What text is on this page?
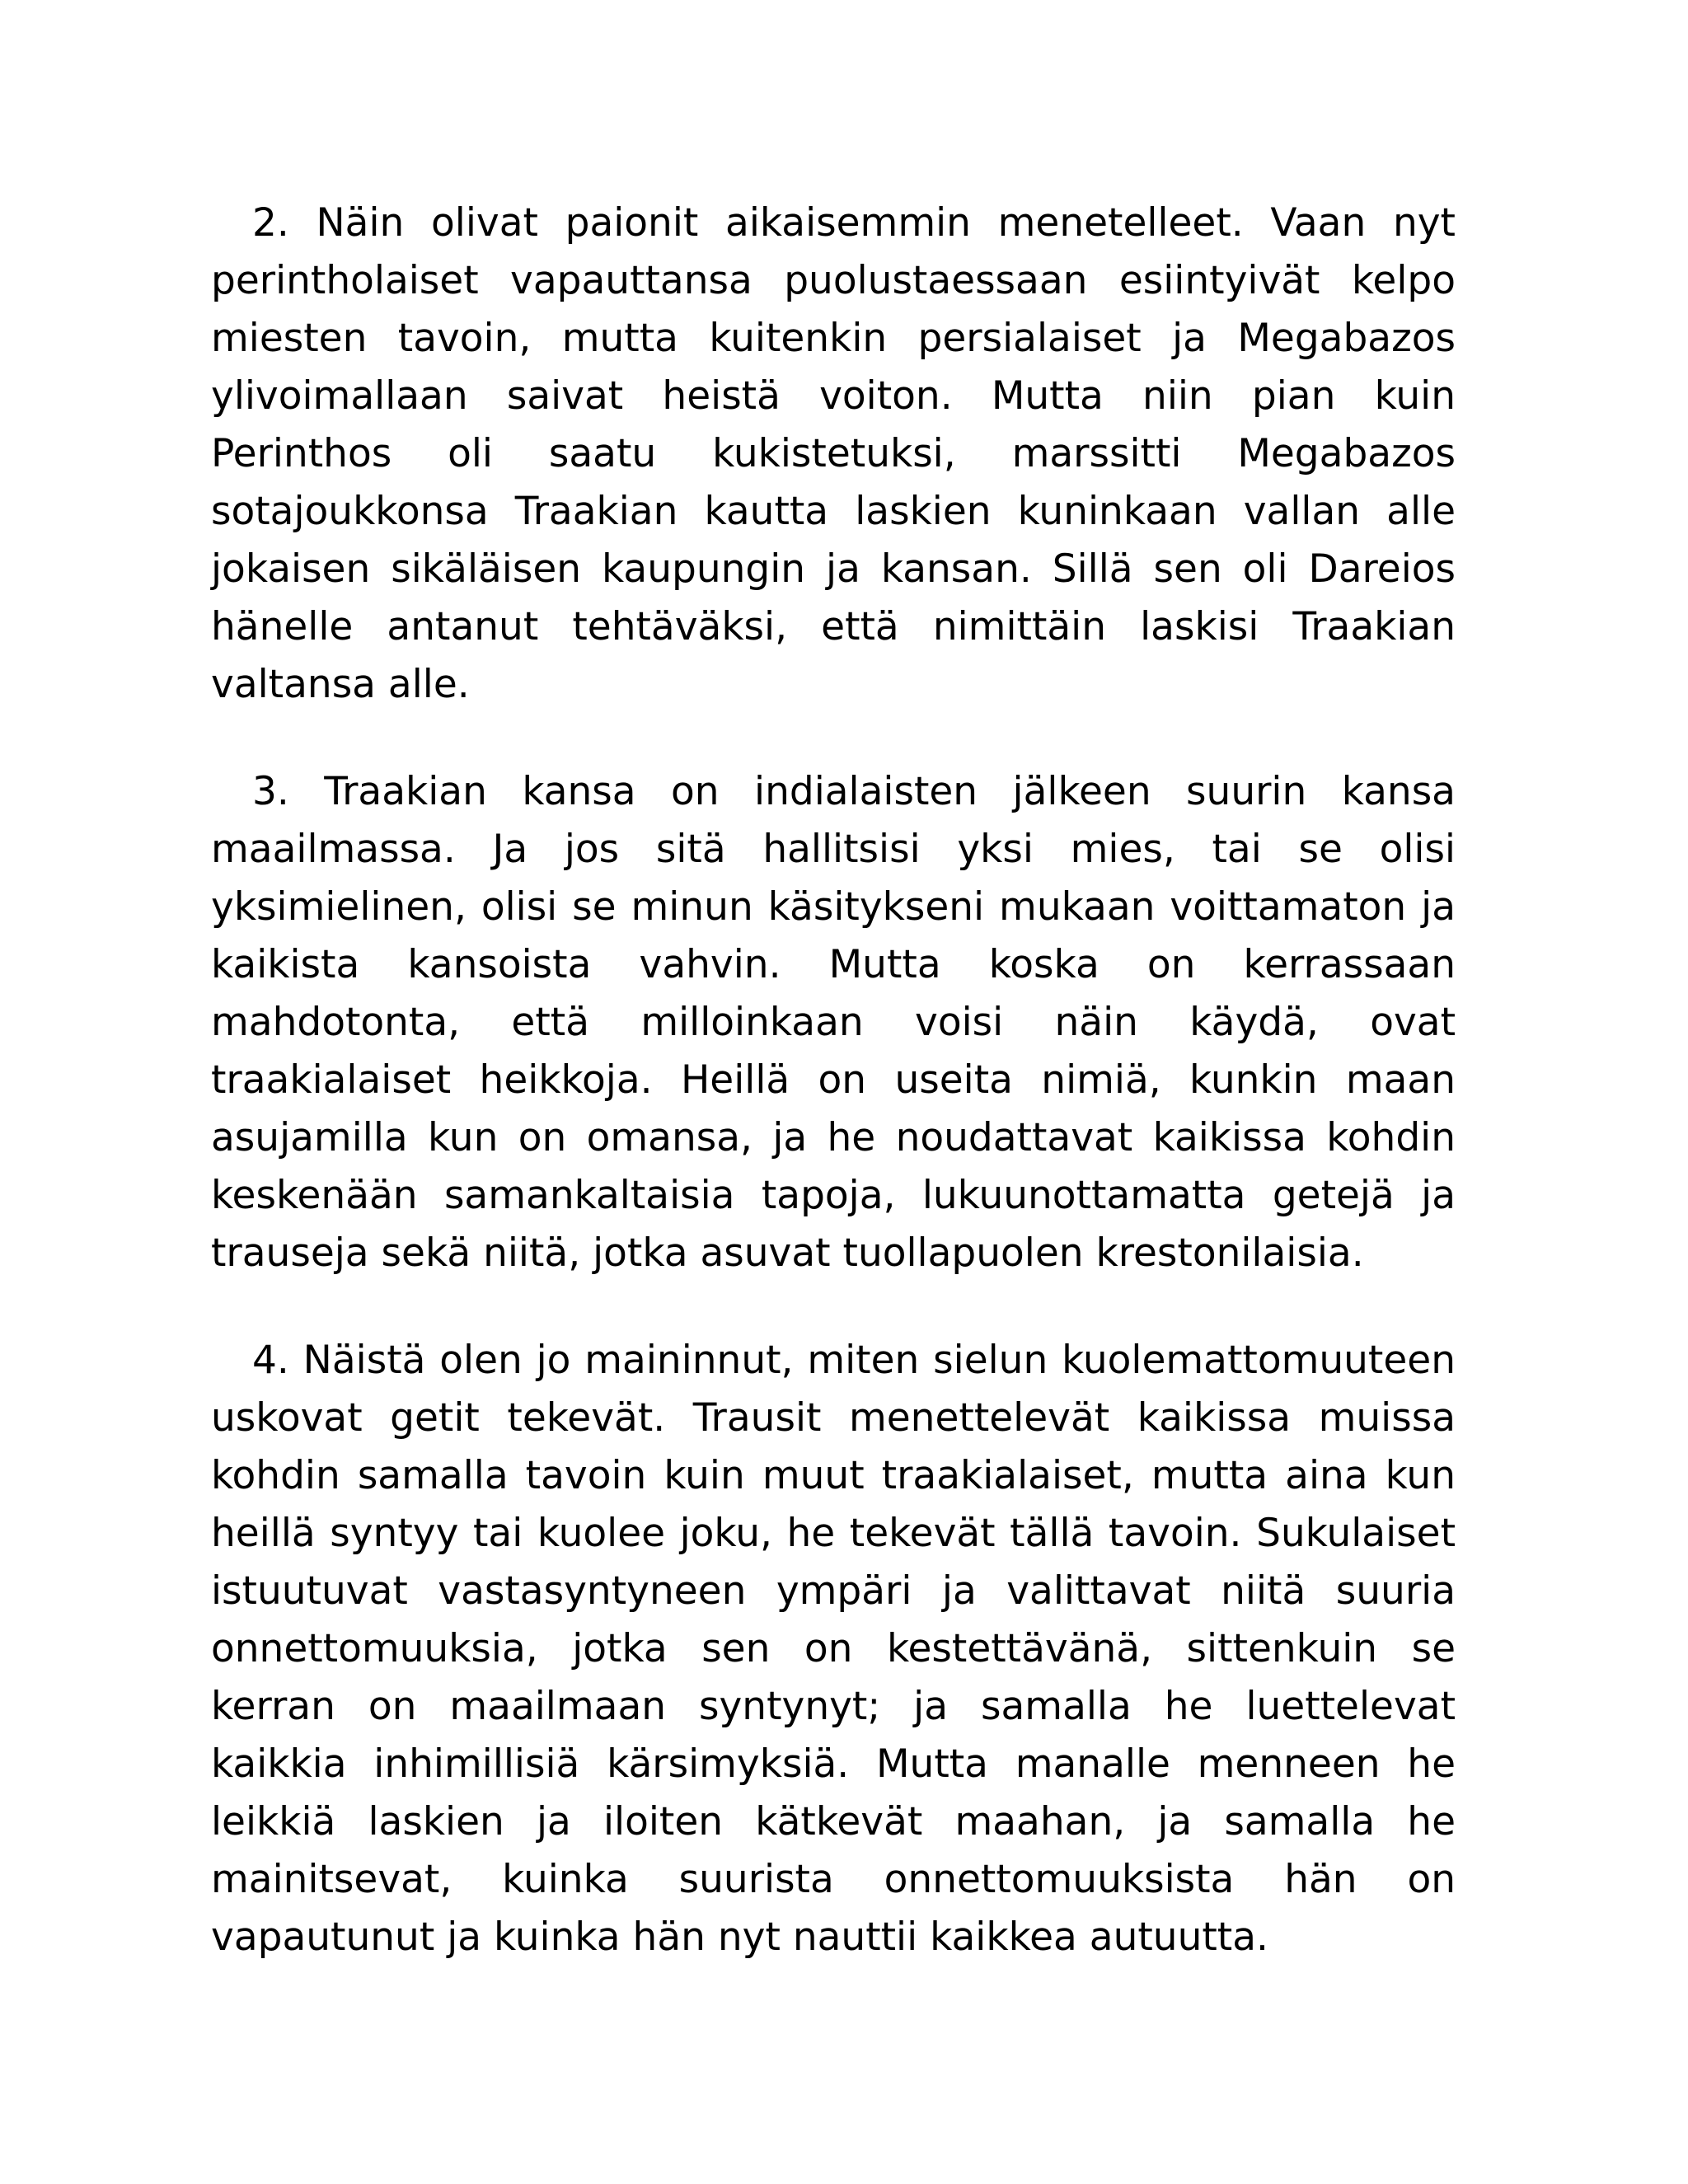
2. Näin olivat paionit aikaisemmin menetelleet. Vaan nyt perintholaiset vapauttansa puolustaessaan esiintyivät kelpo miesten tavoin, mutta kuitenkin persialaiset ja Megabazos ylivoimallaan saivat heistä voiton. Mutta niin pian kuin Perinthos oli saatu kukistetuksi, marssitti Megabazos sotajoukkonsa Traakian kautta laskien kuninkaan vallan alle jokaisen sikäläisen kaupungin ja kansan. Sillä sen oli Dareios hänelle antanut tehtäväksi, että nimittäin laskisi Traakian valtansa alle.

3. Traakian kansa on indialaisten jälkeen suurin kansa maailmassa. Ja jos sitä hallitsisi yksi mies, tai se olisi yksimielinen, olisi se minun käsitykseni mukaan voittamaton ja kaikista kansoista vahvin. Mutta koska on kerrassaan mahdotonta, että milloinkaan voisi näin käydä, ovat traakialaiset heikkoja. Heillä on useita nimiä, kunkin maan asujamilla kun on omansa, ja he noudattavat kaikissa kohdin keskenään samankaltaisia tapoja, lukuunottamatta getejä ja trauseja sekä niitä, jotka asuvat tuollapuolen krestonilaisia.

4. Näistä olen jo maininnut, miten sielun kuolemattomuuteen uskovat getit tekevät. Trausit menettelevät kaikissa muissa kohdin samalla tavoin kuin muut traakialaiset, mutta aina kun heillä syntyy tai kuolee joku, he tekevät tällä tavoin. Sukulaiset istuutuvat vastasyntyneen ympäri ja valittavat niitä suuria onnettomuuksia, jotka sen on kestettävänä, sittenkuin se kerran on maailmaan syntynyt; ja samalla he luettelevat kaikkia inhimillisiä kärsimyksiä. Mutta manalle menneen he leikkiä laskien ja iloiten kätkevät maahan, ja samalla he mainitsevat, kuinka suurista onnettomuuksista hän on vapautunut ja kuinka hän nyt nauttii kaikkea autuutta.
